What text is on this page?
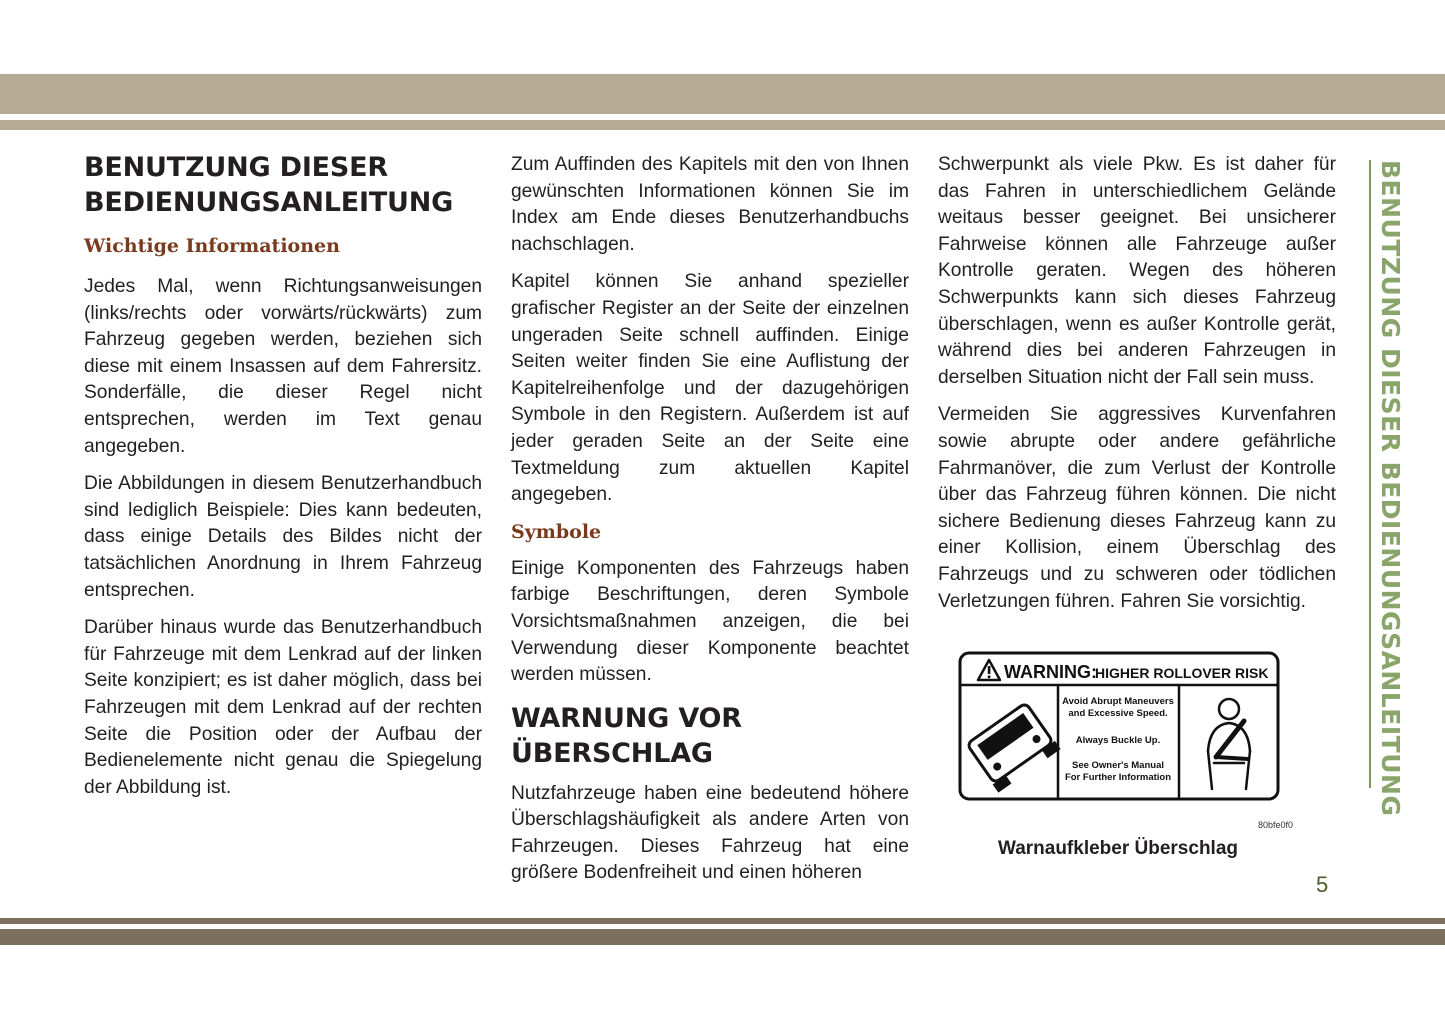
BENUTZUNG DIESER BEDIENUNGSANLEITUNG
Wichtige Informationen

Jedes Mal, wenn Richtungsanweisungen (links/rechts oder vorwärts/rückwärts) zum Fahrzeug gegeben werden, beziehen sich diese mit einem Insassen auf dem Fahrersitz. Sonderfälle, die dieser Regel nicht entsprechen, werden im Text genau angegeben.

Die Abbildungen in diesem Benutzerhandbuch sind lediglich Beispiele: Dies kann bedeuten, dass einige Details des Bildes nicht der tatsächlichen Anordnung in Ihrem Fahrzeug entsprechen.

Darüber hinaus wurde das Benutzerhandbuch für Fahrzeuge mit dem Lenkrad auf der linken Seite konzipiert; es ist daher möglich, dass bei Fahrzeugen mit dem Lenkrad auf der rechten Seite die Position oder der Aufbau der Bedienelemente nicht genau die Spiegelung der Abbildung ist.

Zum Auffinden des Kapitels mit den von Ihnen gewünschten Informationen können Sie im Index am Ende dieses Benutzerhandbuchs nachschlagen.

Kapitel können Sie anhand spezieller grafischer Register an der Seite der einzelnen ungeraden Seite schnell auffinden. Einige Seiten weiter finden Sie eine Auflistung der Kapitelreihenfolge und der dazugehörigen Symbole in den Registern. Außerdem ist auf jeder geraden Seite an der Seite eine Textmeldung zum aktuellen Kapitel angegeben.

Symbole

Einige Komponenten des Fahrzeugs haben farbige Beschriftungen, deren Symbole Vorsichtsmaßnahmen anzeigen, die bei Verwendung dieser Komponente beachtet werden müssen.

WARNUNG VOR ÜBERSCHLAG

Nutzfahrzeuge haben eine bedeutend höhere Überschlagshäufigkeit als andere Arten von Fahrzeugen. Dieses Fahrzeug hat eine größere Bodenfreiheit und einen höheren

Schwerpunkt als viele Pkw. Es ist daher für das Fahren in unterschiedlichem Gelände weitaus besser geeignet. Bei unsicherer Fahrweise können alle Fahrzeuge außer Kontrolle geraten. Wegen des höheren Schwerpunkts kann sich dieses Fahrzeug überschlagen, wenn es außer Kontrolle gerät, während dies bei anderen Fahrzeugen in derselben Situation nicht der Fall sein muss.

Vermeiden Sie aggressives Kurvenfahren sowie abrupte oder andere gefährliche Fahrmanöver, die zum Verlust der Kontrolle über das Fahrzeug führen können. Die nicht sichere Bedienung dieses Fahrzeug kann zu einer Kollision, einem Überschlag des Fahrzeugs und zu schweren oder tödlichen Verletzungen führen. Fahren Sie vorsichtig.

WARNING:
HIGHER ROLLOVER RISK
Avoid Abrupt Maneuvers
and Excessive Speed.
Always Buckle Up.
See Owner's Manual
For Further Information
80bfe0f0
Warnaufkleber Überschlag
BENUTZUNG DIESER BEDIENUNGSANLEITUNG
5
